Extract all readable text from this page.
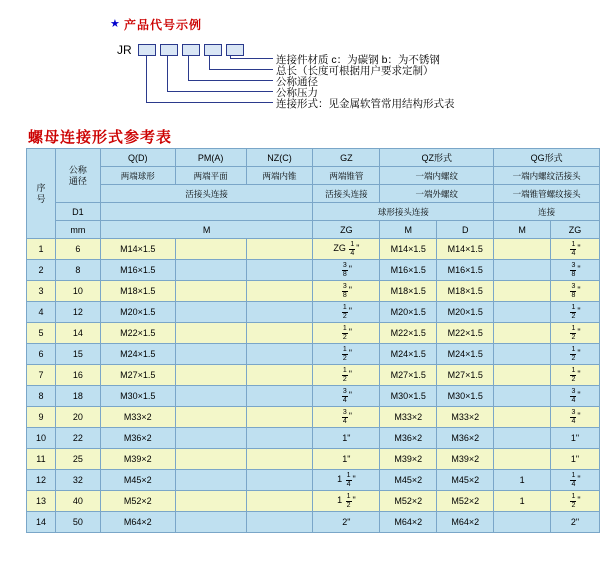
★ 产品代号示例
JR
连接件材质 c：为碳钢 b：为不锈钢
总长（长度可根据用户要求定制）
公称通径
公称压力
连接形式：见金属软管常用结构形式表
螺母连接形式参考表
序
号	公称
通径	Q(D)	PM(A)	NZ(C)	GZ	QZ形式		QG形式	
		两端球形	两端平面	两端内锥	两端锥管	一端内螺纹		一端内螺纹活接头	
		活接头连接			活接头连接	一端外螺纹		一端锥管螺纹接头	
	D1				球形接头连接			连接	
	mm	M			ZG	M	D	M	ZG
1	6	M14×1.5			ZG $\frac{1}{4}$ "	M14×1.5	M14×1.5		$\frac{1}{4}$ "
2	8	M16×1.5			$\frac{3}{8}$ "	M16×1.5	M16×1.5		$\frac{3}{8}$ "
3	10	M18×1.5			$\frac{3}{8}$ "	M18×1.5	M18×1.5		$\frac{3}{8}$ "
4	12	M20×1.5			$\frac{1}{2}$ "	M20×1.5	M20×1.5		$\frac{1}{2}$ "
5	14	M22×1.5			$\frac{1}{2}$ "	M22×1.5	M22×1.5		$\frac{1}{2}$ "
6	15	M24×1.5			$\frac{1}{2}$ "	M24×1.5	M24×1.5		$\frac{1}{2}$ "
7	16	M27×1.5			$\frac{1}{2}$ "	M27×1.5	M27×1.5		$\frac{1}{2}$ "
8	18	M30×1.5			$\frac{3}{4}$ "	M30×1.5	M30×1.5		$\frac{3}{4}$ "
9	20	M33×2			$\frac{3}{4}$ "	M33×2	M33×2		$\frac{3}{4}$ "
10	22	M36×2			1"	M36×2	M36×2		1"
11	25	M39×2			1"	M39×2	M39×2		1"
12	32	M45×2			$1 \frac{1}{4}$ "	M45×2	M45×2	1	$\frac{1}{4}$ "
13	40	M52×2			$1 \frac{1}{2}$ "	M52×2	M52×2	1	$\frac{1}{2}$ "
14	50	M64×2			2"	M64×2	M64×2		2"
